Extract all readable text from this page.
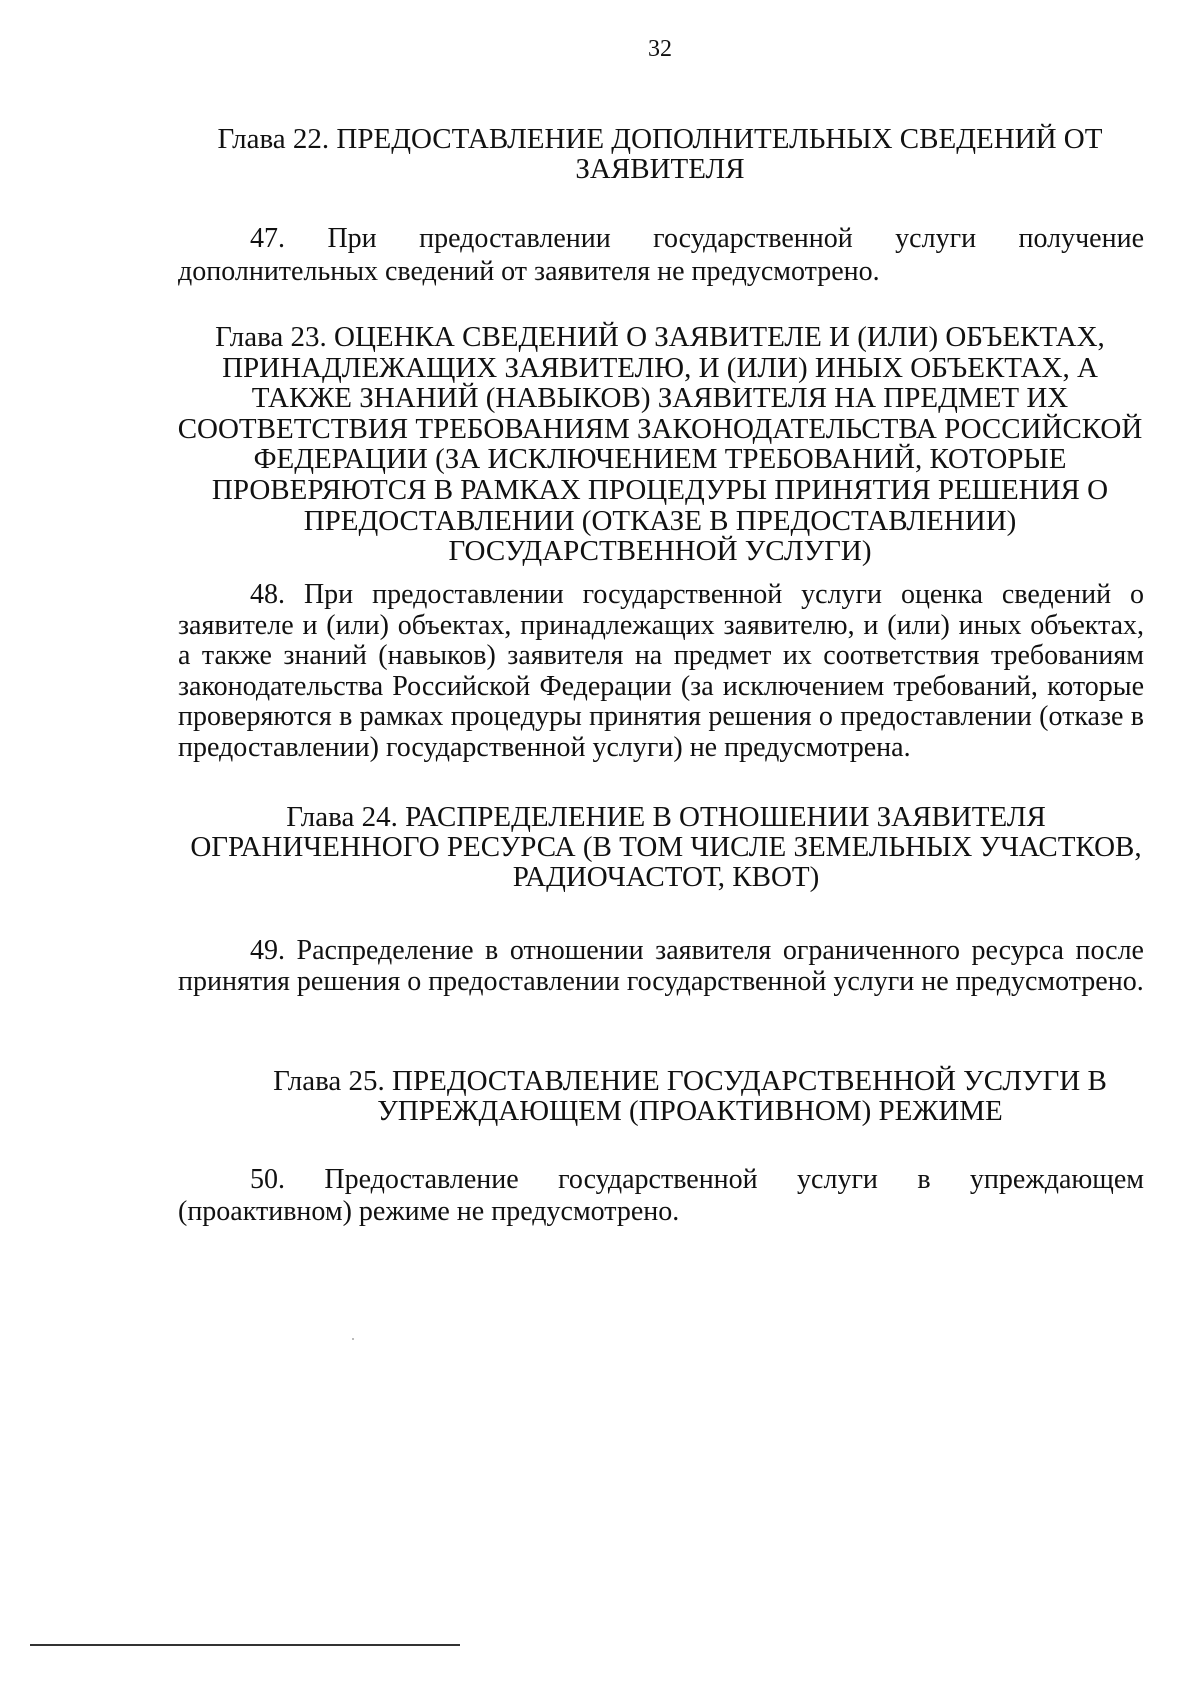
32
Глава 22. ПРЕДОСТАВЛЕНИЕ ДОПОЛНИТЕЛЬНЫХ СВЕДЕНИЙ ОТ ЗАЯВИТЕЛЯ

47. При предоставлении государственной услуги получение дополнительных сведений от заявителя не предусмотрено.

Глава 23. ОЦЕНКА СВЕДЕНИЙ О ЗАЯВИТЕЛЕ И (ИЛИ) ОБЪЕКТАХ, ПРИНАДЛЕЖАЩИХ ЗАЯВИТЕЛЮ, И (ИЛИ) ИНЫХ ОБЪЕКТАХ, А ТАКЖЕ ЗНАНИЙ (НАВЫКОВ) ЗАЯВИТЕЛЯ НА ПРЕДМЕТ ИХ СООТВЕТСТВИЯ ТРЕБОВАНИЯМ ЗАКОНОДАТЕЛЬСТВА РОССИЙСКОЙ ФЕДЕРАЦИИ (ЗА ИСКЛЮЧЕНИЕМ ТРЕБОВАНИЙ, КОТОРЫЕ ПРОВЕРЯЮТСЯ В РАМКАХ ПРОЦЕДУРЫ ПРИНЯТИЯ РЕШЕНИЯ О ПРЕДОСТАВЛЕНИИ (ОТКАЗЕ В ПРЕДОСТАВЛЕНИИ) ГОСУДАРСТВЕННОЙ УСЛУГИ)

48. При предоставлении государственной услуги оценка сведений о заявителе и (или) объектах, принадлежащих заявителю, и (или) иных объектах, а также знаний (навыков) заявителя на предмет их соответствия требованиям законодательства Российской Федерации (за исключением требований, которые проверяются в рамках процедуры принятия решения о предоставлении (отказе в предоставлении) государственной услуги) не предусмотрена.

Глава 24. РАСПРЕДЕЛЕНИЕ В ОТНОШЕНИИ ЗАЯВИТЕЛЯ ОГРАНИЧЕННОГО РЕСУРСА (В ТОМ ЧИСЛЕ ЗЕМЕЛЬНЫХ УЧАСТКОВ, РАДИОЧАСТОТ, КВОТ)

49. Распределение в отношении заявителя ограниченного ресурса после принятия решения о предоставлении государственной услуги не предусмотрено.

Глава 25. ПРЕДОСТАВЛЕНИЕ ГОСУДАРСТВЕННОЙ УСЛУГИ В УПРЕЖДАЮЩЕМ (ПРОАКТИВНОМ) РЕЖИМЕ

50. Предоставление государственной услуги в упреждающем (проактивном) режиме не предусмотрено.
